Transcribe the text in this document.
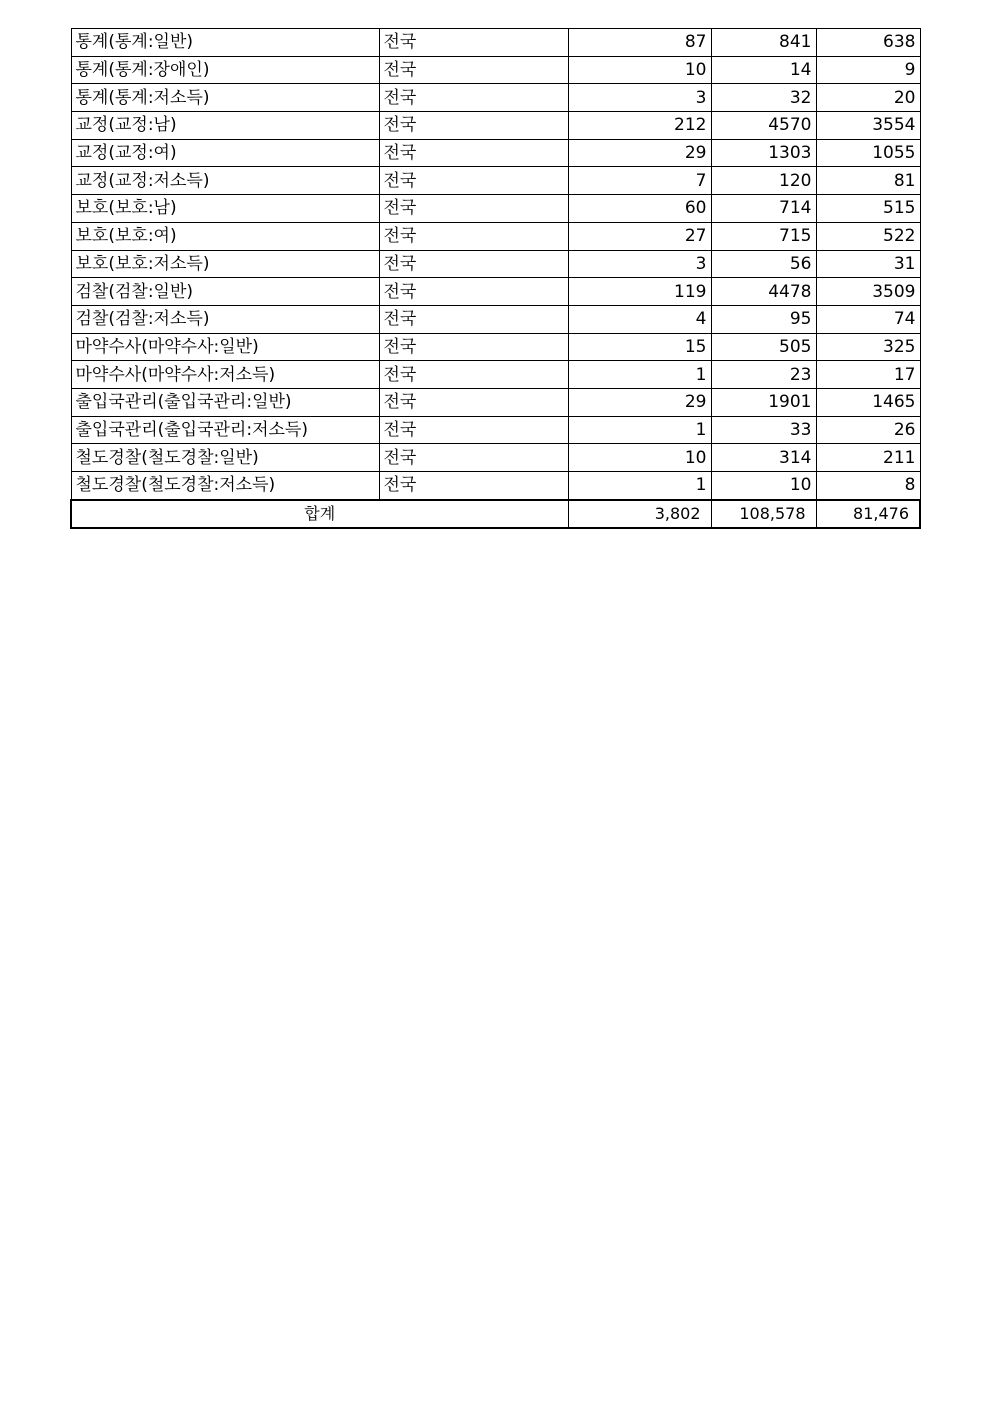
통계(통계:일반)	전국	87	841	638
통계(통계:장애인)	전국	10	14	9
통계(통계:저소득)	전국	3	32	20
교정(교정:남)	전국	212	4570	3554
교정(교정:여)	전국	29	1303	1055
교정(교정:저소득)	전국	7	120	81
보호(보호:남)	전국	60	714	515
보호(보호:여)	전국	27	715	522
보호(보호:저소득)	전국	3	56	31
검찰(검찰:일반)	전국	119	4478	3509
검찰(검찰:저소득)	전국	4	95	74
마약수사(마약수사:일반)	전국	15	505	325
마약수사(마약수사:저소득)	전국	1	23	17
출입국관리(출입국관리:일반)	전국	29	1901	1465
출입국관리(출입국관리:저소득)	전국	1	33	26
철도경찰(철도경찰:일반)	전국	10	314	211
철도경찰(철도경찰:저소득)	전국	1	10	8
합계		3,802	108,578	81,476
